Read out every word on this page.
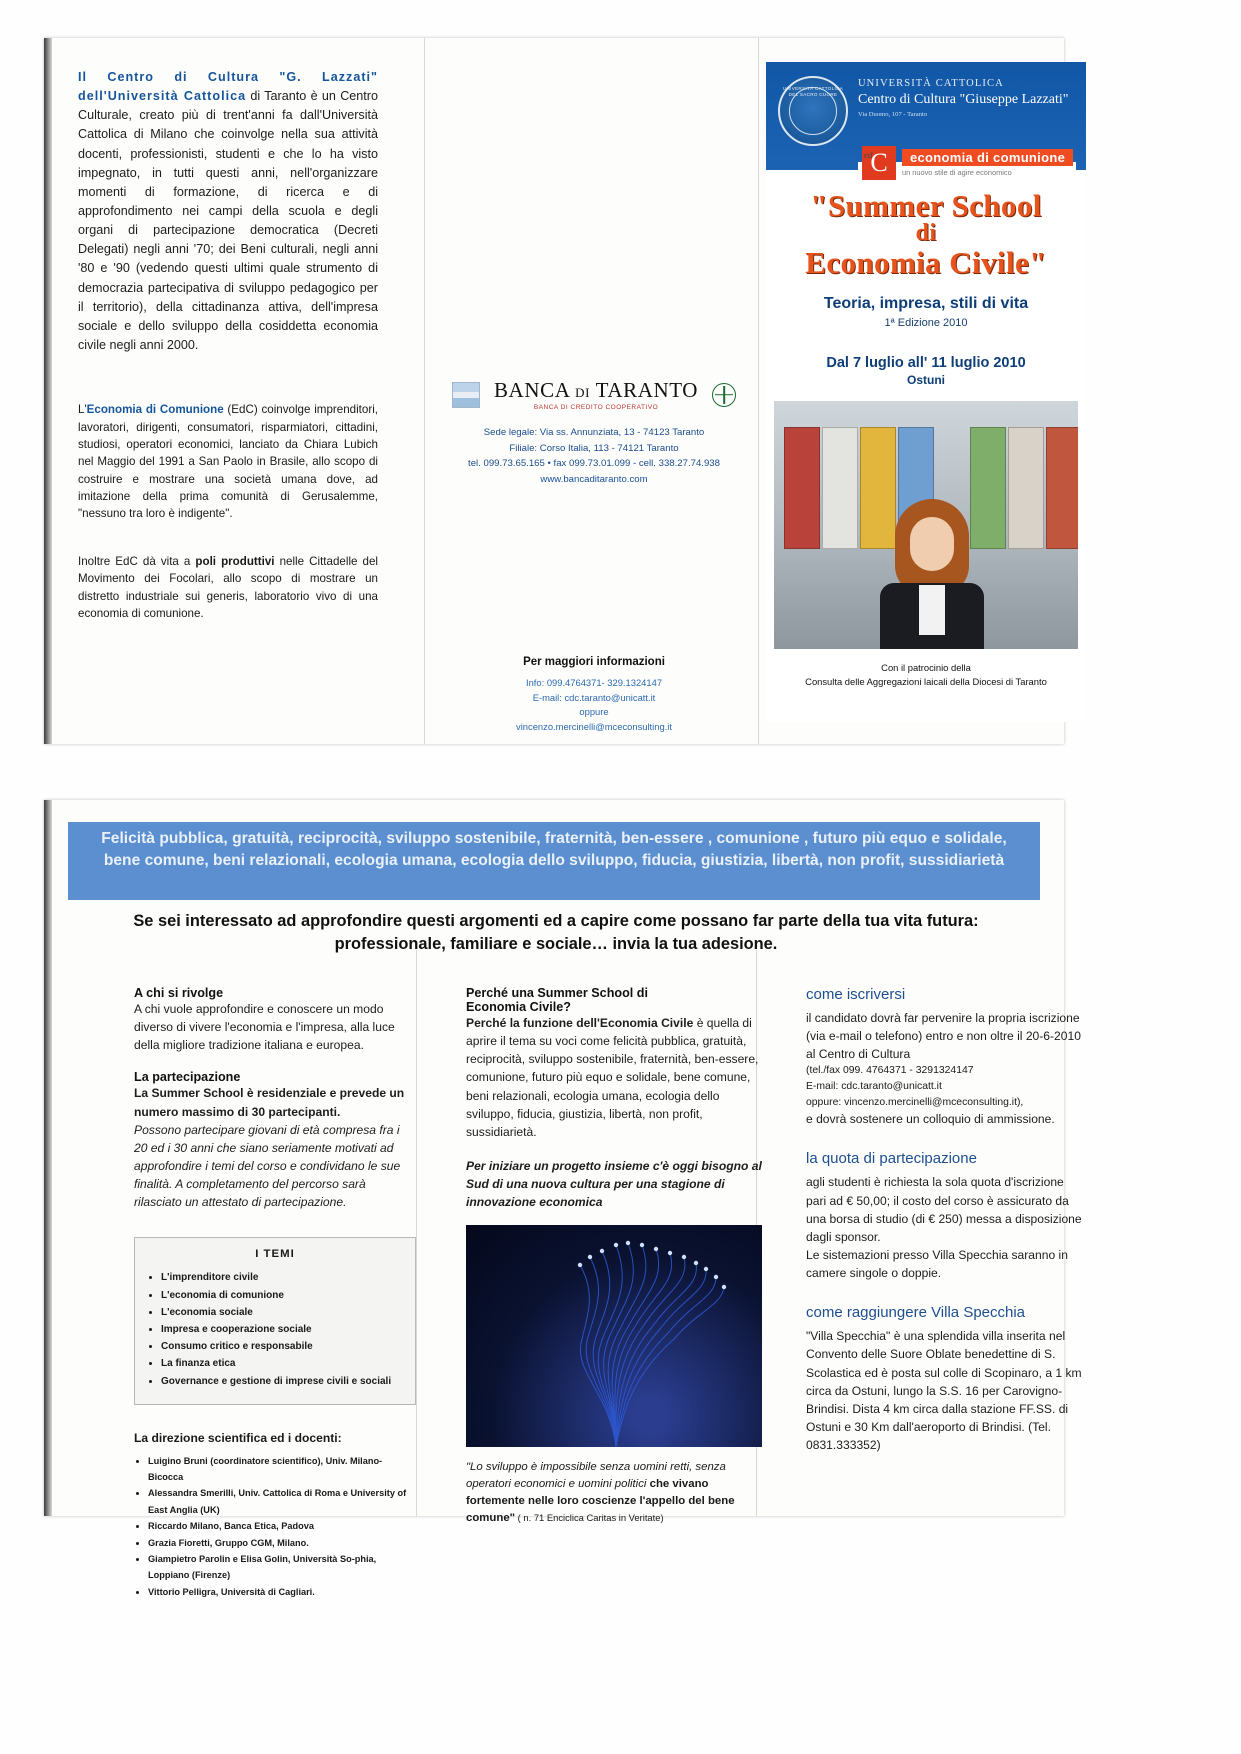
Il Centro di Cultura "G. Lazzati" dell'Università Cattolica di Taranto è un Centro Culturale, creato più di trent'anni fa dall'Università Cattolica di Milano che coinvolge nella sua attività docenti, professionisti, studenti e che lo ha visto impegnato, in tutti questi anni, nell'organizzare momenti di formazione, di ricerca e di approfondimento nei campi della scuola e degli organi di partecipazione democratica (Decreti Delegati) negli anni '70; dei Beni culturali, negli anni '80 e '90 (vedendo questi ultimi quale strumento di democrazia partecipativa di sviluppo pedagogico per il territorio), della cittadinanza attiva, dell'impresa sociale e dello sviluppo della cosiddetta economia civile negli anni 2000.
L'Economia di Comunione (EdC) coinvolge imprenditori, lavoratori, dirigenti, consumatori, risparmiatori, cittadini, studiosi, operatori economici, lanciato da Chiara Lubich nel Maggio del 1991 a San Paolo in Brasile, allo scopo di costruire e mostrare una società umana dove, ad imitazione della prima comunità di Gerusalemme, "nessuno tra loro è indigente".
Inoltre EdC dà vita a poli produttivi nelle Cittadelle del Movimento dei Focolari, allo scopo di mostrare un distretto industriale sui generis, laboratorio vivo di una economia di comunione.
BANCA DI TARANTO
BANCA DI CREDITO COOPERATIVO
Sede legale: Via ss. Annunziata, 13 - 74123 Taranto
Filiale: Corso Italia, 113 - 74121 Taranto
tel. 099.73.65.165 • fax 099.73.01.099 - cell. 338.27.74.938
www.bancaditaranto.com
Per maggiori informazioni
Info: 099.4764371- 329.1324147
E-mail: cdc.taranto@unicatt.it
oppure
vincenzo.mercinelli@mceconsulting.it
UNIVERSITÀ CATTOLICA DEL SACRO CUORE
UNIVERSITÀ CATTOLICA
Centro di Cultura "Giuseppe Lazzati"
Via Duomo, 107 - Taranto
ed
C	economia di comunione
un nuovo stile di agire economico
"Summer School
di
Economia Civile"
Teoria, impresa, stili di vita
1ª Edizione 2010
Dal 7 luglio all' 11 luglio 2010
Ostuni
Con il patrocinio della
Consulta delle Aggregazioni laicali della Diocesi di Taranto
Felicità pubblica, gratuità, reciprocità, sviluppo sostenibile, fraternità, ben-essere , comunione , futuro più equo e solidale, bene comune, beni relazionali, ecologia umana, ecologia dello sviluppo, fiducia, giustizia, libertà, non profit, sussidiarietà
Se sei interessato ad approfondire questi argomenti ed a capire come possano far parte della tua vita futura: professionale, familiare e sociale… invia la tua adesione.
A chi si rivolge
A chi vuole approfondire e conoscere un modo diverso di vivere l'economia e l'impresa, alla luce della migliore tradizione italiana e europea.
La partecipazione
La Summer School è residenziale e prevede un numero massimo di 30 partecipanti.
Possono partecipare giovani di età compresa fra i 20 ed i 30 anni che siano seriamente motivati ad approfondire i temi del corso e condividano le sue finalità. A completamento del percorso sarà rilasciato un attestato di partecipazione.
I TEMI
• L'imprenditore civile
• L'economia di comunione
• L'economia sociale
• Impresa e cooperazione sociale
• Consumo critico e responsabile
• La finanza etica
• Governance e gestione di imprese civili e sociali
La direzione scientifica ed i docenti:
• Luigino Bruni (coordinatore scientifico), Univ. Milano-Bicocca
• Alessandra Smerilli, Univ. Cattolica di Roma e University of East Anglia (UK)
• Riccardo Milano, Banca Etica, Padova
• Grazia Fioretti, Gruppo CGM, Milano.
• Giampietro Parolin e Elisa Golin, Università So-phia, Loppiano (Firenze)
• Vittorio Pelligra, Università di Cagliari.
Perché una Summer School di
Economia Civile?
Perché la funzione dell'Economia Civile è quella di aprire il tema su voci come felicità pubblica, gratuità, reciprocità, sviluppo sostenibile, fraternità, ben-essere, comunione, futuro più equo e solidale, bene comune, beni relazionali, ecologia umana, ecologia dello sviluppo, fiducia, giustizia, libertà, non profit, sussidiarietà.
Per iniziare un progetto insieme c'è oggi bisogno al Sud di una nuova cultura per una stagione di innovazione economica
"Lo sviluppo è impossibile senza uomini retti, senza operatori economici e uomini politici che vivano fortemente nelle loro coscienze l'appello del bene comune" ( n. 71 Enciclica Caritas in Veritate)
come iscriversi
il candidato dovrà far pervenire la propria iscrizione (via e-mail o telefono) entro e non oltre il 20-6-2010 al Centro di Cultura
(tel./fax 099. 4764371 - 3291324147
E-mail: cdc.taranto@unicatt.it
oppure: vincenzo.mercinelli@mceconsulting.it),
e dovrà sostenere un colloquio di ammissione.
la quota di partecipazione
agli studenti è richiesta la sola quota d'iscrizione pari ad € 50,00; il costo del corso è assicurato da una borsa di studio (di € 250) messa a disposizione dagli sponsor.
Le sistemazioni presso Villa Specchia saranno in camere singole o doppie.
come raggiungere Villa Specchia
"Villa Specchia" è una splendida villa inserita nel Convento delle Suore Oblate benedettine di S. Scolastica ed è posta sul colle di Scopinaro, a 1 km circa da Ostuni, lungo la S.S. 16 per Carovigno-Brindisi. Dista 4 km circa dalla stazione FF.SS. di Ostuni e 30 Km dall'aeroporto di Brindisi. (Tel. 0831.333352)
